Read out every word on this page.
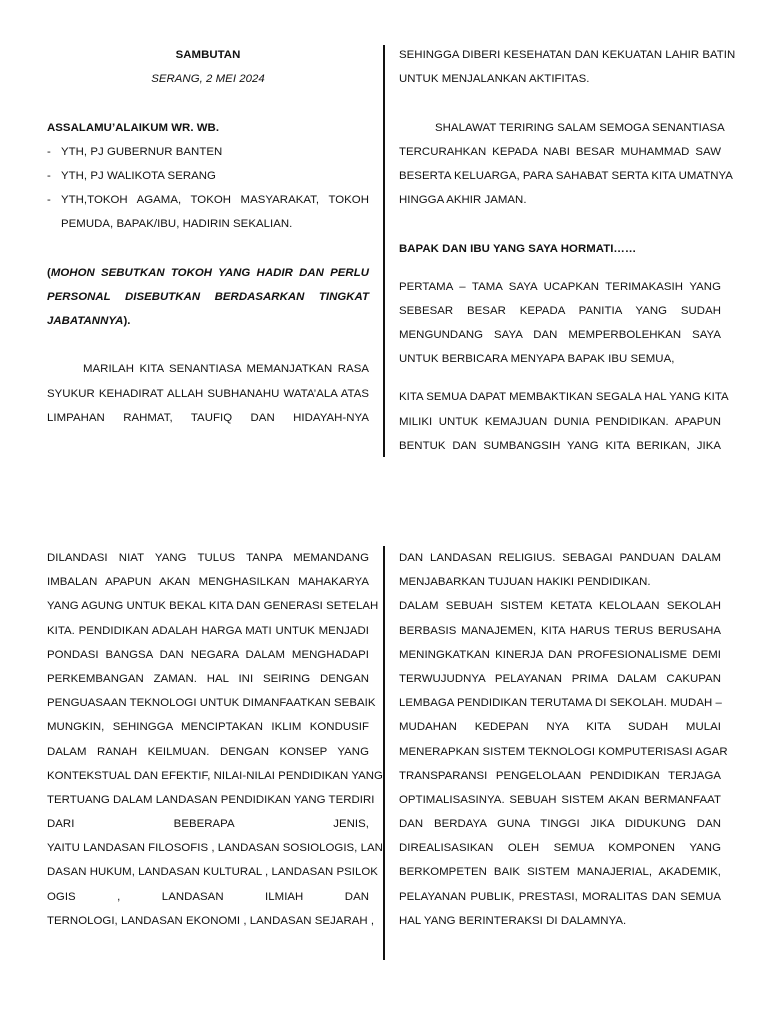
SAMBUTAN
SERANG, 2 MEI 2024
ASSALAMU’ALAIKUM WR. WB.
- YTH, PJ GUBERNUR BANTEN
- YTH, PJ WALIKOTA SERANG
- YTH,TOKOH AGAMA, TOKOH MASYARAKAT, TOKOH
PEMUDA, BAPAK/IBU, HADIRIN SEKALIAN.
(MOHON SEBUTKAN TOKOH YANG HADIR DAN PERLU
PERSONAL DISEBUTKAN BERDASARKAN TINGKAT
JABATANNYA).
MARILAH KITA SENANTIASA MEMANJATKAN RASA
SYUKUR KEHADIRAT ALLAH SUBHANAHU WATA’ALA ATAS
LIMPAHAN RAHMAT, TAUFIQ DAN HIDAYAH-NYA
SEHINGGA DIBERI KESEHATAN DAN KEKUATAN LAHIR BATIN
UNTUK MENJALANKAN AKTIFITAS.
SHALAWAT TERIRING SALAM SEMOGA SENANTIASA
TERCURAHKAN KEPADA NABI BESAR MUHAMMAD SAW
BESERTA KELUARGA, PARA SAHABAT SERTA KITA UMATNYA
HINGGA AKHIR JAMAN.
BAPAK DAN IBU YANG SAYA HORMATI……
PERTAMA – TAMA SAYA UCAPKAN TERIMAKASIH YANG
SEBESAR BESAR KEPADA PANITIA YANG SUDAH
MENGUNDANG SAYA DAN MEMPERBOLEHKAN SAYA
UNTUK BERBICARA MENYAPA BAPAK IBU SEMUA,
KITA SEMUA DAPAT MEMBAKTIKAN SEGALA HAL YANG KITA
MILIKI UNTUK KEMAJUAN DUNIA PENDIDIKAN. APAPUN
BENTUK DAN SUMBANGSIH YANG KITA BERIKAN, JIKA
DILANDASI NIAT YANG TULUS TANPA MEMANDANG
IMBALAN APAPUN AKAN MENGHASILKAN MAHAKARYA
YANG AGUNG UNTUK BEKAL KITA DAN GENERASI SETELAH
KITA. PENDIDIKAN ADALAH HARGA MATI UNTUK MENJADI
PONDASI BANGSA DAN NEGARA DALAM MENGHADAPI
PERKEMBANGAN ZAMAN. HAL INI SEIRING DENGAN
PENGUASAAN TEKNOLOGI UNTUK DIMANFAATKAN SEBAIK
MUNGKIN, SEHINGGA MENCIPTAKAN IKLIM KONDUSIF
DALAM RANAH KEILMUAN. DENGAN KONSEP YANG
KONTEKSTUAL DAN EFEKTIF, NILAI-NILAI PENDIDIKAN YANG
TERTUANG DALAM LANDASAN PENDIDIKAN YANG TERDIRI
DARI BEBERAPA JENIS,
YAITU LANDASAN FILOSOFIS , LANDASAN SOSIOLOGIS, LAN
DASAN HUKUM, LANDASAN KULTURAL , LANDASAN PSILOK
OGIS , LANDASAN ILMIAH DAN
TERNOLOGI, LANDASAN EKONOMI , LANDASAN SEJARAH ,
DAN LANDASAN RELIGIUS. SEBAGAI PANDUAN DALAM
MENJABARKAN TUJUAN HAKIKI PENDIDIKAN.
DALAM SEBUAH SISTEM KETATA KELOLAAN SEKOLAH
BERBASIS MANAJEMEN, KITA HARUS TERUS BERUSAHA
MENINGKATKAN KINERJA DAN PROFESIONALISME DEMI
TERWUJUDNYA PELAYANAN PRIMA DALAM CAKUPAN
LEMBAGA PENDIDIKAN TERUTAMA DI SEKOLAH. MUDAH –
MUDAHAN KEDEPAN NYA KITA SUDAH MULAI
MENERAPKAN SISTEM TEKNOLOGI KOMPUTERISASI AGAR
TRANSPARANSI PENGELOLAAN PENDIDIKAN TERJAGA
OPTIMALISASINYA. SEBUAH SISTEM AKAN BERMANFAAT
DAN BERDAYA GUNA TINGGI JIKA DIDUKUNG DAN
DIREALISASIKAN OLEH SEMUA KOMPONEN YANG
BERKOMPETEN BAIK SISTEM MANAJERIAL, AKADEMIK,
PELAYANAN PUBLIK, PRESTASI, MORALITAS DAN SEMUA
HAL YANG BERINTERAKSI DI DALAMNYA.
